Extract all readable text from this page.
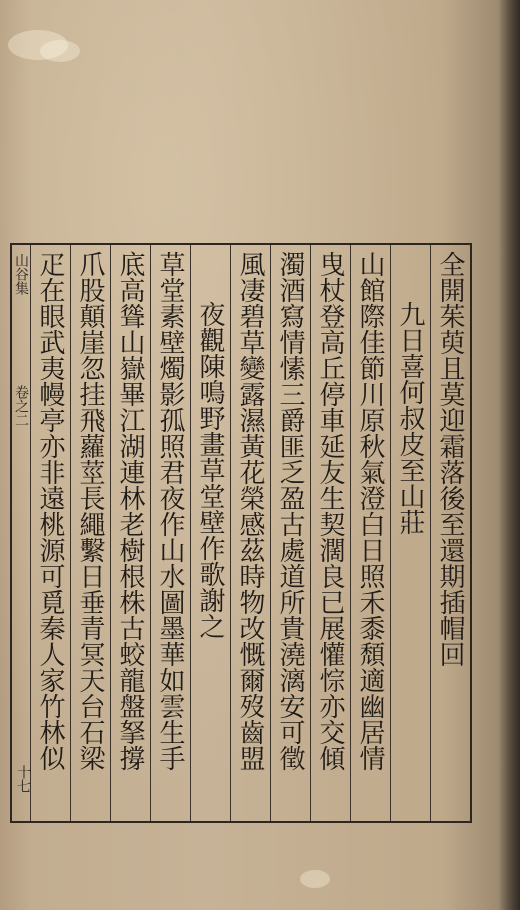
山谷集
卷之二
十七
全開茱萸且莫迎霜落後至還期插帽回
九日喜何叔皮至山莊
山館際佳節川原秋氣澄白日照禾黍頹適幽居情
曳杖登高丘停車延友生契濶良已展懽悰亦交傾
濁酒寫情愫三爵匪乏盈古處道所貴澆漓安可徵
風凄碧草變露濕黃花榮感茲時物改慨爾歿齒盟
夜觀陳鳴野畫草堂壁作歌謝之
草堂素壁燭影孤照君夜作山水圖墨華如雲生手
底高聳山嶽畢江湖連林老樹根株古蛟龍盤拏撐
爪股顛崖忽挂飛蘿莖長繩繫日垂青冥天台石梁
疋在眼武夷幔亭亦非遠桃源可覓秦人家竹林似
